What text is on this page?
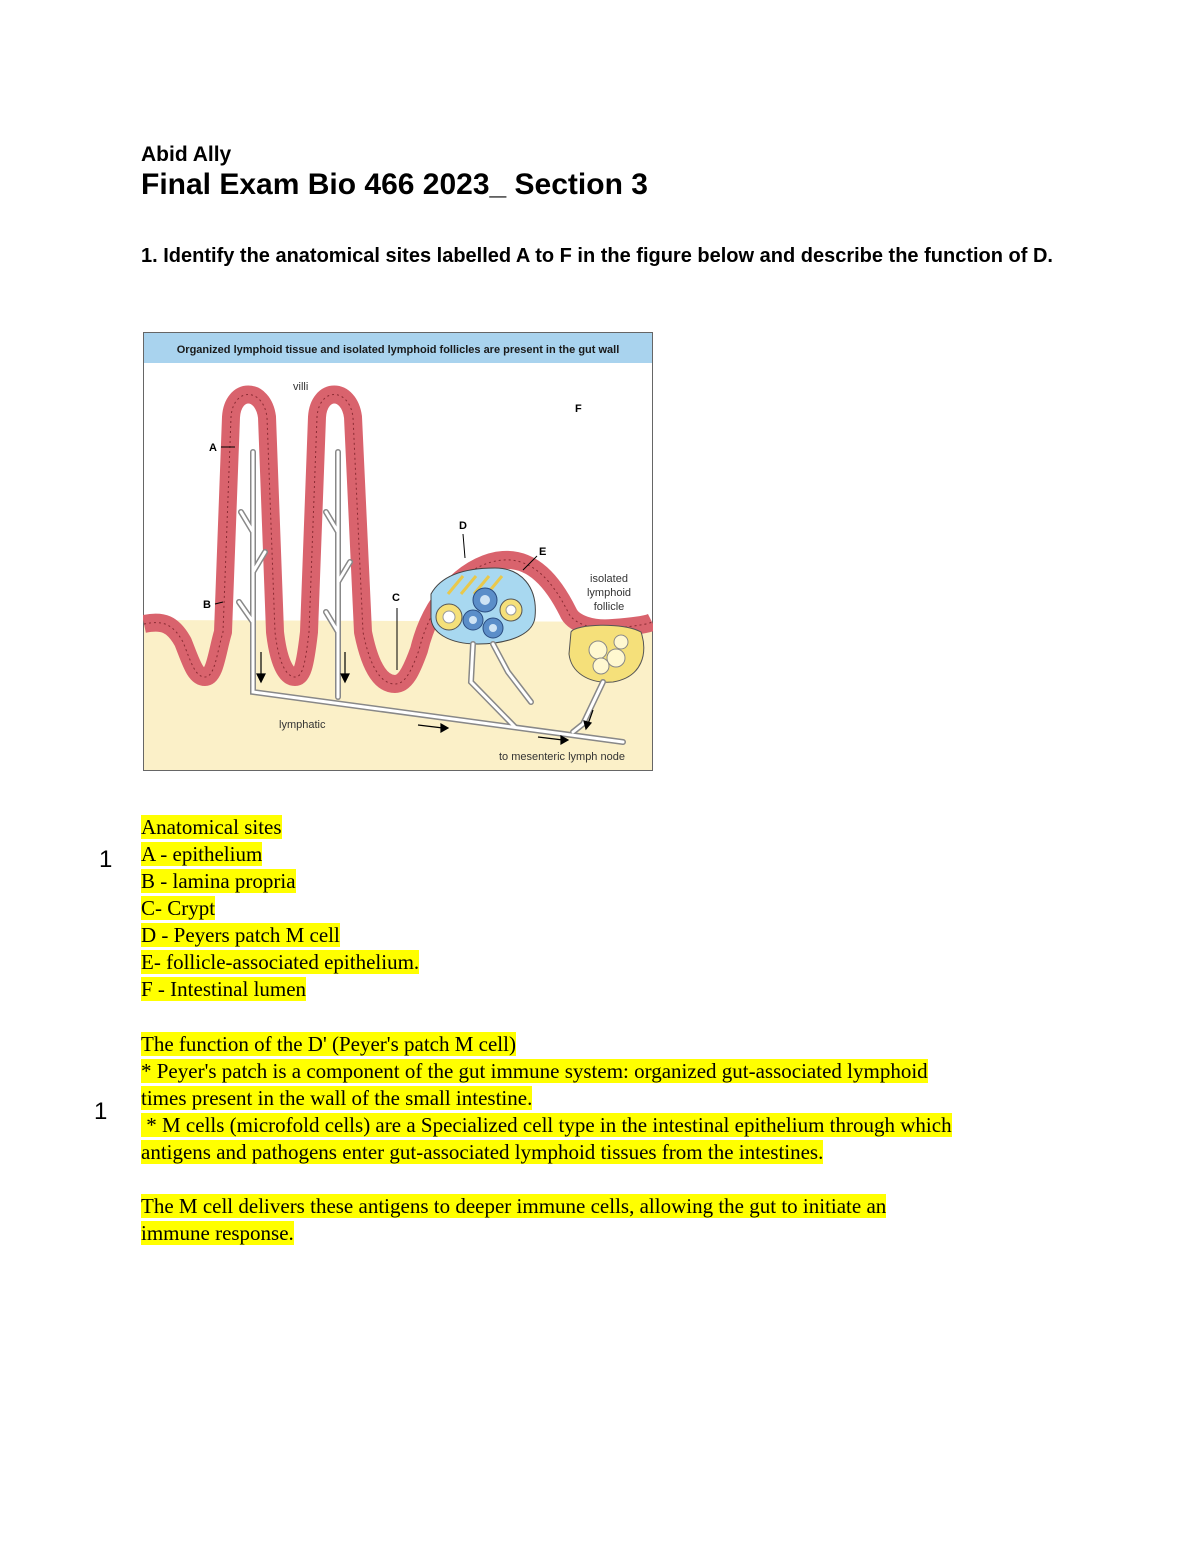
Abid Ally
Final Exam Bio 466 2023_ Section 3
1. Identify the anatomical sites labelled A to F in the figure below and describe the function of D.
Organized lymphoid tissue and isolated lymphoid follicles are present in the gut wall
villi
A
B
C
D
E
F
isolated
lymphoid
follicle
lymphatic
to mesenteric lymph node
1
1
Anatomical sites
A - epithelium
B - lamina propria
C- Crypt
D - Peyers patch M cell
E- follicle-associated epithelium.
F - Intestinal lumen
The function of the D' (Peyer's patch M cell)
* Peyer's patch is a component of the gut immune system: organized gut-associated lymphoid
times present in the wall of the small intestine.
* M cells (microfold cells) are a Specialized cell type in the intestinal epithelium through which
antigens and pathogens enter gut-associated lymphoid tissues from the intestines.
The M cell delivers these antigens to deeper immune cells, allowing the gut to initiate an
immune response.
